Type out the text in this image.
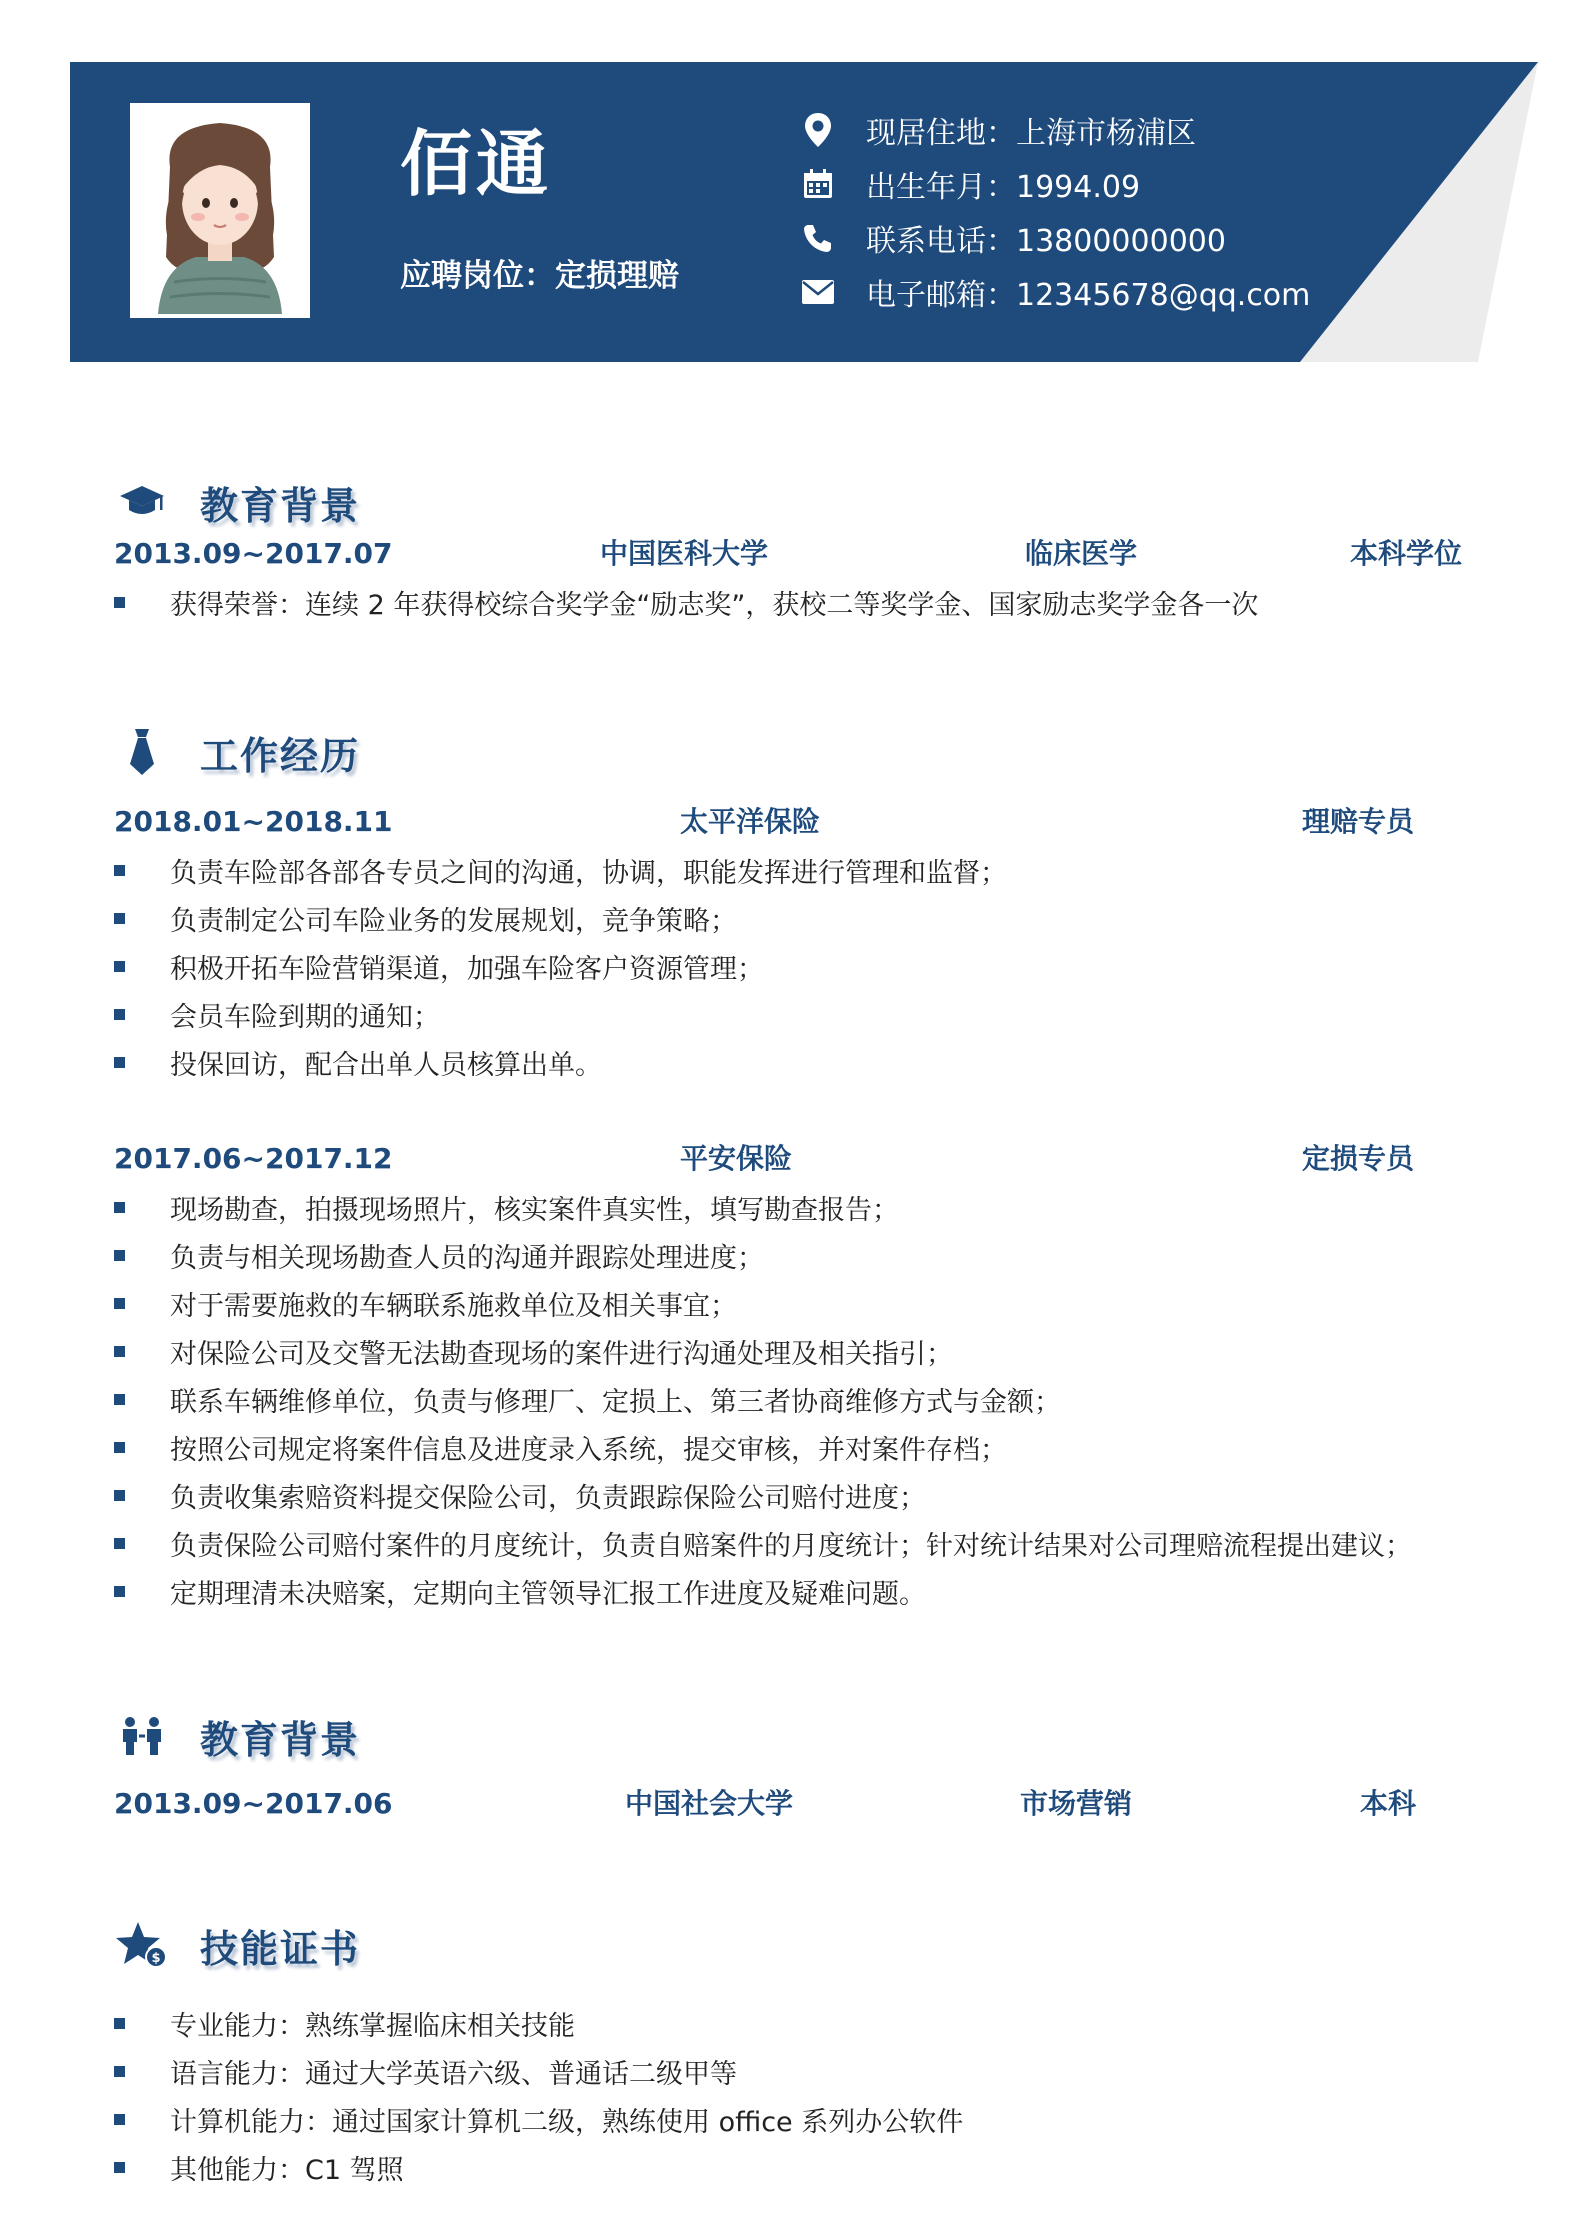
佰通
应聘岗位：定损理赔
现居住地：上海市杨浦区
出生年月：1994.09
联系电话：13800000000
电子邮箱：12345678@qq.com
教育背景
2013.09~2017.07	中国医科大学	临床医学	本科学位
获得荣誉：连续 2 年获得校综合奖学金“励志奖”，获校二等奖学金、国家励志奖学金各一次
工作经历
2018.01~2018.11	太平洋保险	理赔专员
负责车险部各部各专员之间的沟通，协调，职能发挥进行管理和监督；
负责制定公司车险业务的发展规划，竞争策略；
积极开拓车险营销渠道，加强车险客户资源管理；
会员车险到期的通知；
投保回访，配合出单人员核算出单。
2017.06~2017.12	平安保险	定损专员
现场勘查，拍摄现场照片，核实案件真实性，填写勘查报告；
负责与相关现场勘查人员的沟通并跟踪处理进度；
对于需要施救的车辆联系施救单位及相关事宜；
对保险公司及交警无法勘查现场的案件进行沟通处理及相关指引；
联系车辆维修单位，负责与修理厂、定损上、第三者协商维修方式与金额；
按照公司规定将案件信息及进度录入系统，提交审核，并对案件存档；
负责收集索赔资料提交保险公司，负责跟踪保险公司赔付进度；
负责保险公司赔付案件的月度统计，负责自赔案件的月度统计；针对统计结果对公司理赔流程提出建议；
定期理清未决赔案，定期向主管领导汇报工作进度及疑难问题。
教育背景
2013.09~2017.06	中国社会大学	市场营销	本科
$ 技能证书
专业能力：熟练掌握临床相关技能
语言能力：通过大学英语六级、普通话二级甲等
计算机能力：通过国家计算机二级，熟练使用 office 系列办公软件
其他能力：C1 驾照
